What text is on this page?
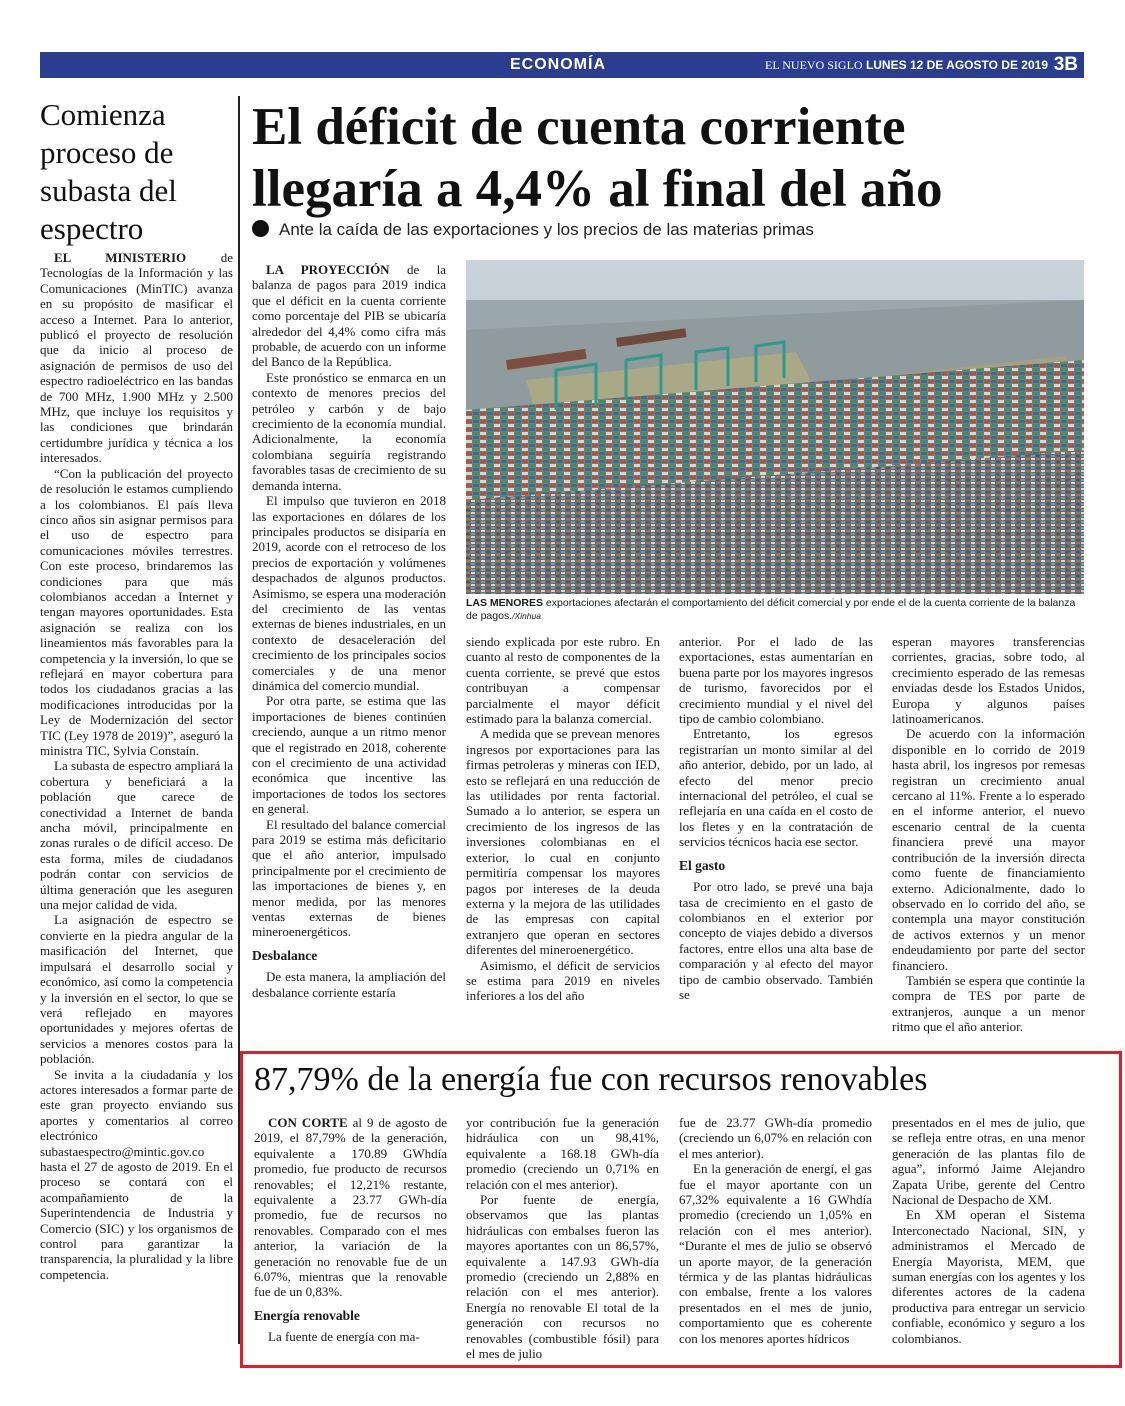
ECONOMÍA	EL NUEVO SIGLO LUNES 12 DE AGOSTO DE 2019 3B
Comienza proceso de subasta del espectro

EL MINISTERIO de Tecnologías de la Información y las Comunicaciones (MinTIC) avanza en su propósito de masificar el acceso a Internet. Para lo anterior, publicó el proyecto de resolución que da inicio al proceso de asignación de permisos de uso del espectro radioeléctrico en las bandas de 700 MHz, 1.900 MHz y 2.500 MHz, que incluye los requisitos y las condiciones que brindarán certidumbre jurídica y técnica a los interesados.

“Con la publicación del proyecto de resolución le estamos cumpliendo a los colombianos. El país lleva cinco años sin asignar permisos para el uso de espectro para comunicaciones móviles terrestres. Con este proceso, brindaremos las condiciones para que más colombianos accedan a Internet y tengan mayores oportunidades. Esta asignación se realiza con los lineamientos más favorables para la competencia y la inversión, lo que se reflejará en mayor cobertura para todos los ciudadanos gracias a las modificaciones introducidas por la Ley de Modernización del sector TIC (Ley 1978 de 2019)”, aseguró la ministra TIC, Sylvia Constaín.

La subasta de espectro ampliará la cobertura y beneficiará a la población que carece de conectividad a Internet de banda ancha móvil, principalmente en zonas rurales o de difícil acceso. De esta forma, miles de ciudadanos podrán contar con servicios de última generación que les aseguren una mejor calidad de vida.

La asignación de espectro se convierte en la piedra angular de la masificación del Internet, que impulsará el desarrollo social y económico, así como la competencia y la inversión en el sector, lo que se verá reflejado en mayores oportunidades y mejores ofertas de servicios a menores costos para la población.

Se invita a la ciudadanía y los actores interesados a formar parte de este gran proyecto enviando sus aportes y comentarios al correo electrónico subastaespectro@mintic.gov.co hasta el 27 de agosto de 2019. En el proceso se contará con el acompañamiento de la Superintendencia de Industria y Comercio (SIC) y los organismos de control para garantizar la transparencia, la pluralidad y la libre competencia.

El déficit de cuenta corriente llegaría a 4,4% al final del año
Ante la caída de las exportaciones y los precios de las materias primas
LAS MENORES exportaciones afectarán el comportamiento del déficit comercial y por ende el de la cuenta corriente de la balanza de pagos./Xinhua

LA PROYECCIÓN de la balanza de pagos para 2019 indica que el déficit en la cuenta corriente como porcentaje del PIB se ubicaría alrededor del 4,4% como cifra más probable, de acuerdo con un informe del Banco de la República.

Este pronóstico se enmarca en un contexto de menores precios del petróleo y carbón y de bajo crecimiento de la economía mundial. Adicionalmente, la economía colombiana seguiría registrando favorables tasas de crecimiento de su demanda interna.

El impulso que tuvieron en 2018 las exportaciones en dólares de los principales productos se disiparía en 2019, acorde con el retroceso de los precios de exportación y volúmenes despachados de algunos productos. Asimismo, se espera una moderación del crecimiento de las ventas externas de bienes industriales, en un contexto de desaceleración del crecimiento de los principales socios comerciales y de una menor dinámica del comercio mundial.

Por otra parte, se estima que las importaciones de bienes continúen creciendo, aunque a un ritmo menor que el registrado en 2018, coherente con el crecimiento de una actividad económica que incentive las importaciones de todos los sectores en general.

El resultado del balance comercial para 2019 se estima más deficitario que el año anterior, impulsado principalmente por el crecimiento de las importaciones de bienes y, en menor medida, por las menores ventas externas de bienes mineroenergéticos.

Desbalance

De esta manera, la ampliación del desbalance corriente estaría

siendo explicada por este rubro. En cuanto al resto de componentes de la cuenta corriente, se prevé que estos contribuyan a compensar parcialmente el mayor déficit estimado para la balanza comercial.

A medida que se prevean menores ingresos por exportaciones para las firmas petroleras y mineras con IED, esto se reflejará en una reducción de las utilidades por renta factorial. Sumado a lo anterior, se espera un crecimiento de los ingresos de las inversiones colombianas en el exterior, lo cual en conjunto permitiría compensar los mayores pagos por intereses de la deuda externa y la mejora de las utilidades de las empresas con capital extranjero que operan en sectores diferentes del mineroenergético.

Asimismo, el déficit de servicios se estima para 2019 en niveles inferiores a los del año

anterior. Por el lado de las exportaciones, estas aumentarían en buena parte por los mayores ingresos de turismo, favorecidos por el crecimiento mundial y el nivel del tipo de cambio colombiano.

Entretanto, los egresos registrarían un monto similar al del año anterior, debido, por un lado, al efecto del menor precio internacional del petróleo, el cual se reflejaría en una caída en el costo de los fletes y en la contratación de servicios técnicos hacia ese sector.

El gasto

Por otro lado, se prevé una baja tasa de crecimiento en el gasto de colombianos en el exterior por concepto de viajes debido a diversos factores, entre ellos una alta base de comparación y al efecto del mayor tipo de cambio observado. También se

esperan mayores transferencias corrientes, gracias, sobre todo, al crecimiento esperado de las remesas enviadas desde los Estados Unidos, Europa y algunos países latinoamericanos.

De acuerdo con la información disponible en lo corrido de 2019 hasta abril, los ingresos por remesas registran un crecimiento anual cercano al 11%. Frente a lo esperado en el informe anterior, el nuevo escenario central de la cuenta financiera prevé una mayor contribución de la inversión directa como fuente de financiamiento externo. Adicionalmente, dado lo observado en lo corrido del año, se contempla una mayor constitución de activos externos y un menor endeudamiento por parte del sector financiero.

También se espera que continúe la compra de TES por parte de extranjeros, aunque a un menor ritmo que el año anterior.

87,79% de la energía fue con recursos renovables

CON CORTE al 9 de agosto de 2019, el 87,79% de la generación, equivalente a 170.89 GWhdía promedio, fue producto de recursos renovables; el 12,21% restante, equivalente a 23.77 GWh-día promedio, fue de recursos no renovables. Comparado con el mes anterior, la variación de la generación no renovable fue de un 6.07%, mientras que la renovable fue de un 0,83%.

Energía renovable

La fuente de energía con ma-

yor contribución fue la generación hidráulica con un 98,41%, equivalente a 168.18 GWh-día promedio (creciendo un 0,71% en relación con el mes anterior).

Por fuente de energía, observamos que las plantas hidráulicas con embalses fueron las mayores aportantes con un 86,57%, equivalente a 147.93 GWh-día promedio (creciendo un 2,88% en relación con el mes anterior). Energía no renovable El total de la generación con recursos no renovables (combustible fósil) para el mes de julio

fue de 23.77 GWh-día promedio (creciendo un 6,07% en relación con el mes anterior).

En la generación de energí, el gas fue el mayor aportante con un 67,32% equivalente a 16 GWhdía promedio (creciendo un 1,05% en relación con el mes anterior). “Durante el mes de julio se observó un aporte mayor, de la generación térmica y de las plantas hidráulicas con embalse, frente a los valores presentados en el mes de junio, comportamiento que es coherente con los menores aportes hídricos

presentados en el mes de julio, que se refleja entre otras, en una menor generación de las plantas filo de agua”, informó Jaime Alejandro Zapata Uribe, gerente del Centro Nacional de Despacho de XM.

En XM operan el Sistema Interconectado Nacional, SIN, y administramos el Mercado de Energía Mayorista, MEM, que suman energías con los agentes y los diferentes actores de la cadena productiva para entregar un servicio confiable, económico y seguro a los colombianos.
